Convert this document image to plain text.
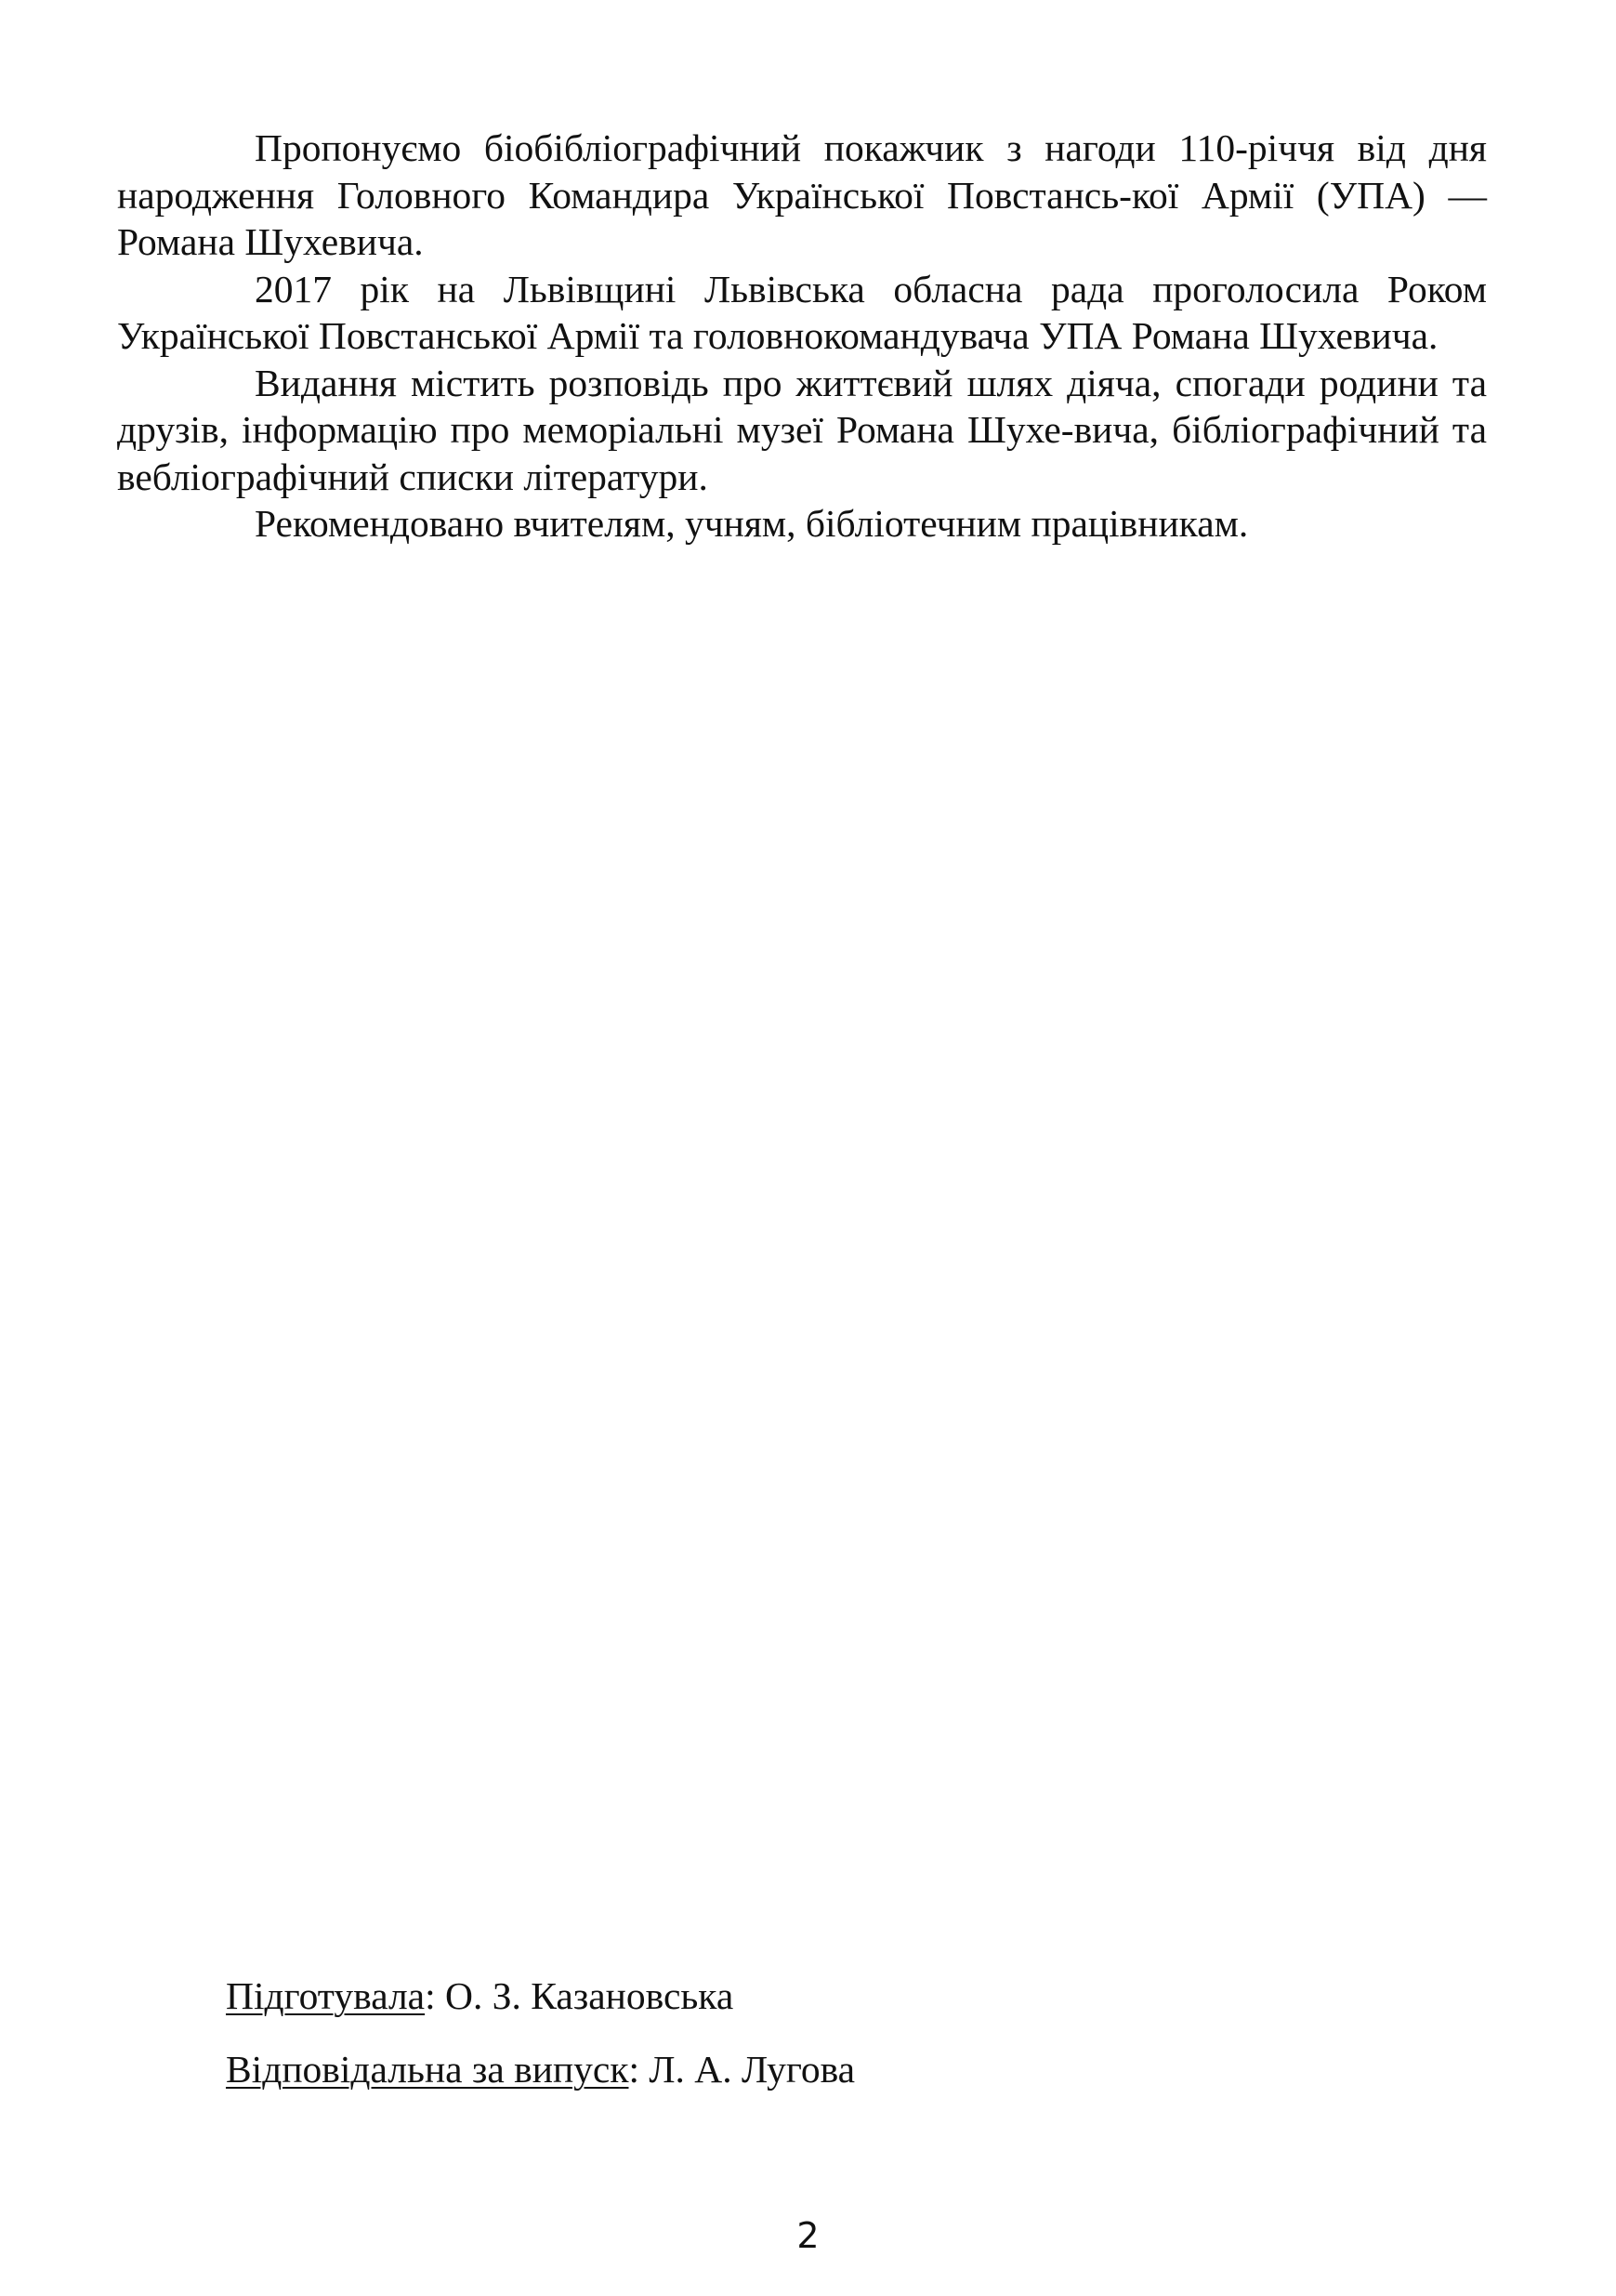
Пропонуємо біобібліографічний покажчик з нагоди 110-річчя від дня народження Головного Командира Української Повстансь-кої Армії (УПА) — Романа Шухевича.

2017 рік на Львівщині Львівська обласна рада проголосила Роком Української Повстанської Армії та головнокомандувача УПА Романа Шухевича.

Видання містить розповідь про життєвий шлях діяча, спогади родини та друзів, інформацію про меморіальні музеї Романа Шухе-вича, бібліографічний та вебліографічний списки літератури.

Рекомендовано вчителям, учням, бібліотечним працівникам.

Підготувала: О. З. Казановська
Відповідальна за випуск: Л. А. Лугова
2
